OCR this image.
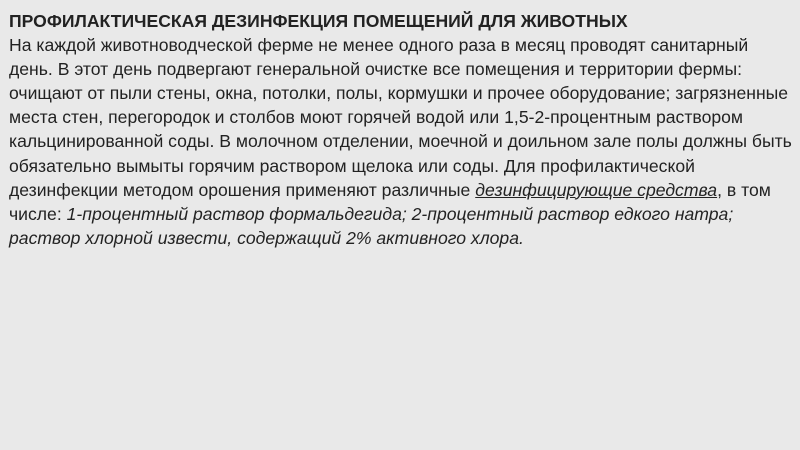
ПРОФИЛАКТИЧЕСКАЯ ДЕЗИНФЕКЦИЯ ПОМЕЩЕНИЙ ДЛЯ ЖИВОТНЫХ

На каждой животноводческой ферме не менее одного раза в месяц проводят санитарный день. В этот день подвергают генеральной очистке все помещения и территории фермы: очищают от пыли стены, окна, потолки, полы, кормушки и прочее оборудование; загрязненные места стен, перегородок и столбов моют горячей водой или 1,5-2-процентным раствором кальцинированной соды. В молочном отделении, моечной и доильном зале полы должны быть обязательно вымыты горячим раствором щелока или соды. Для профилактической дезинфекции методом орошения применяют различные дезинфицирующие средства, в том числе: 1-процентный раствор формальдегида; 2-процентный раствор едкого натра; раствор хлорной извести, содержащий 2% активного хлора.
